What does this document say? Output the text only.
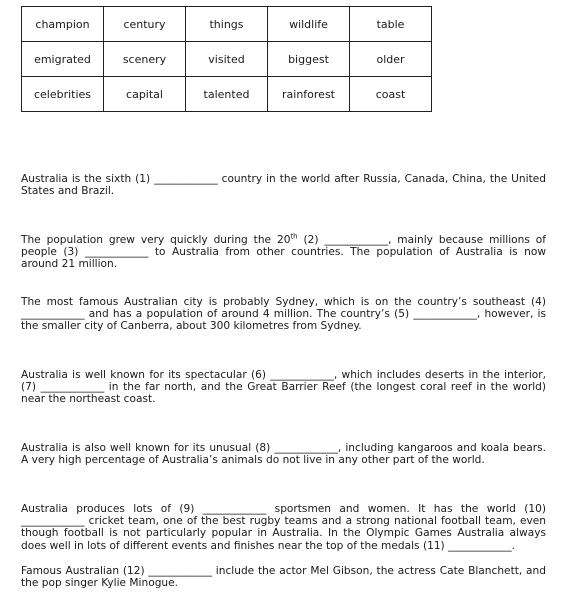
champion	century	things	wildlife	table
emigrated	scenery	visited	biggest	older
celebrities	capital	talented	rainforest	coast

Australia is the sixth (1) ____________ country in the world after Russia, Canada, China, the United States and Brazil.

The population grew very quickly during the 20th (2) ____________, mainly because millions of people (3) ____________ to Australia from other countries. The population of Australia is now around 21 million.

The most famous Australian city is probably Sydney, which is on the country’s southeast (4) ____________ and has a population of around 4 million. The country’s (5) ____________, however, is the smaller city of Canberra, about 300 kilometres from Sydney.

Australia is well known for its spectacular (6) ____________, which includes deserts in the interior, (7) ____________ in the far north, and the Great Barrier Reef (the longest coral reef in the world) near the northeast coast.

Australia is also well known for its unusual (8) ____________, including kangaroos and koala bears. A very high percentage of Australia’s animals do not live in any other part of the world.

Australia produces lots of (9) ____________ sportsmen and women. It has the world (10) ____________ cricket team, one of the best rugby teams and a strong national football team, even though football is not particularly popular in Australia. In the Olympic Games Australia always does well in lots of different events and finishes near the top of the medals (11) ____________.

Famous Australian (12) ____________ include the actor Mel Gibson, the actress Cate Blanchett, and the pop singer Kylie Minogue.
